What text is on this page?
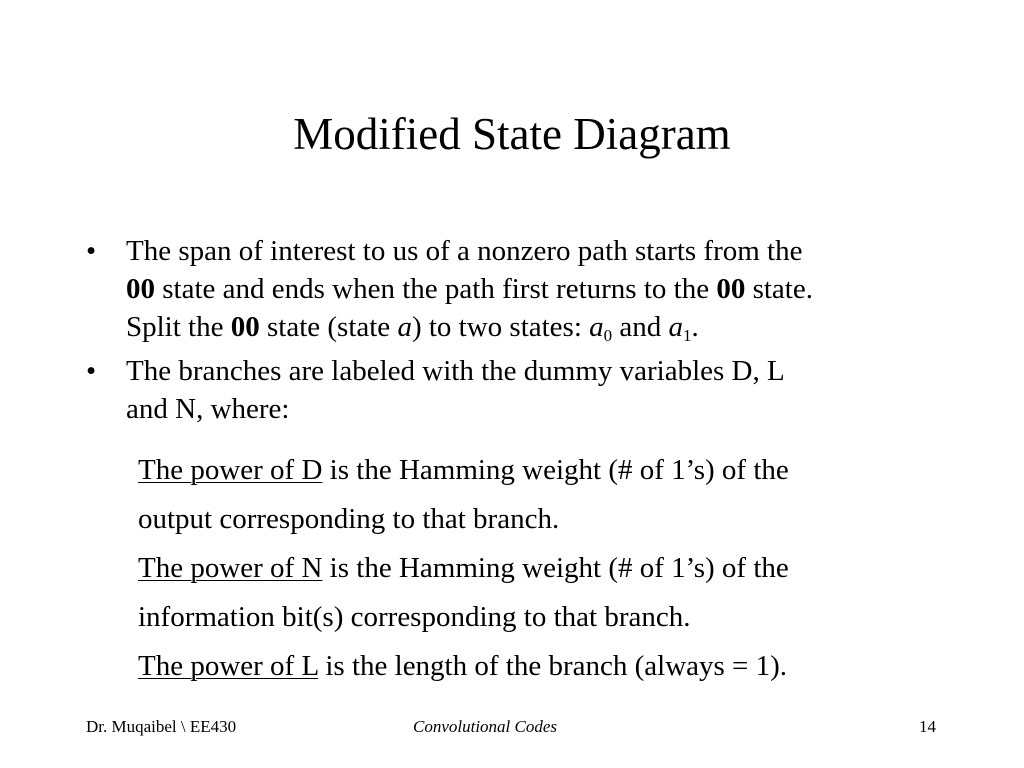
Modified State Diagram
• The span of interest to us of a nonzero path starts from the
00 state and ends when the path first returns to the 00 state.
Split the 00 state (state a) to two states: $a_0$ and $a_1$.
• The branches are labeled with the dummy variables D, L
and N, where:
The power of D is the Hamming weight (# of 1’s) of the
output corresponding to that branch.
The power of N is the Hamming weight (# of 1’s) of the
information bit(s) corresponding to that branch.
The power of L is the length of the branch (always = 1).
Dr. Muqaibel \ EE430	Convolutional Codes	14
